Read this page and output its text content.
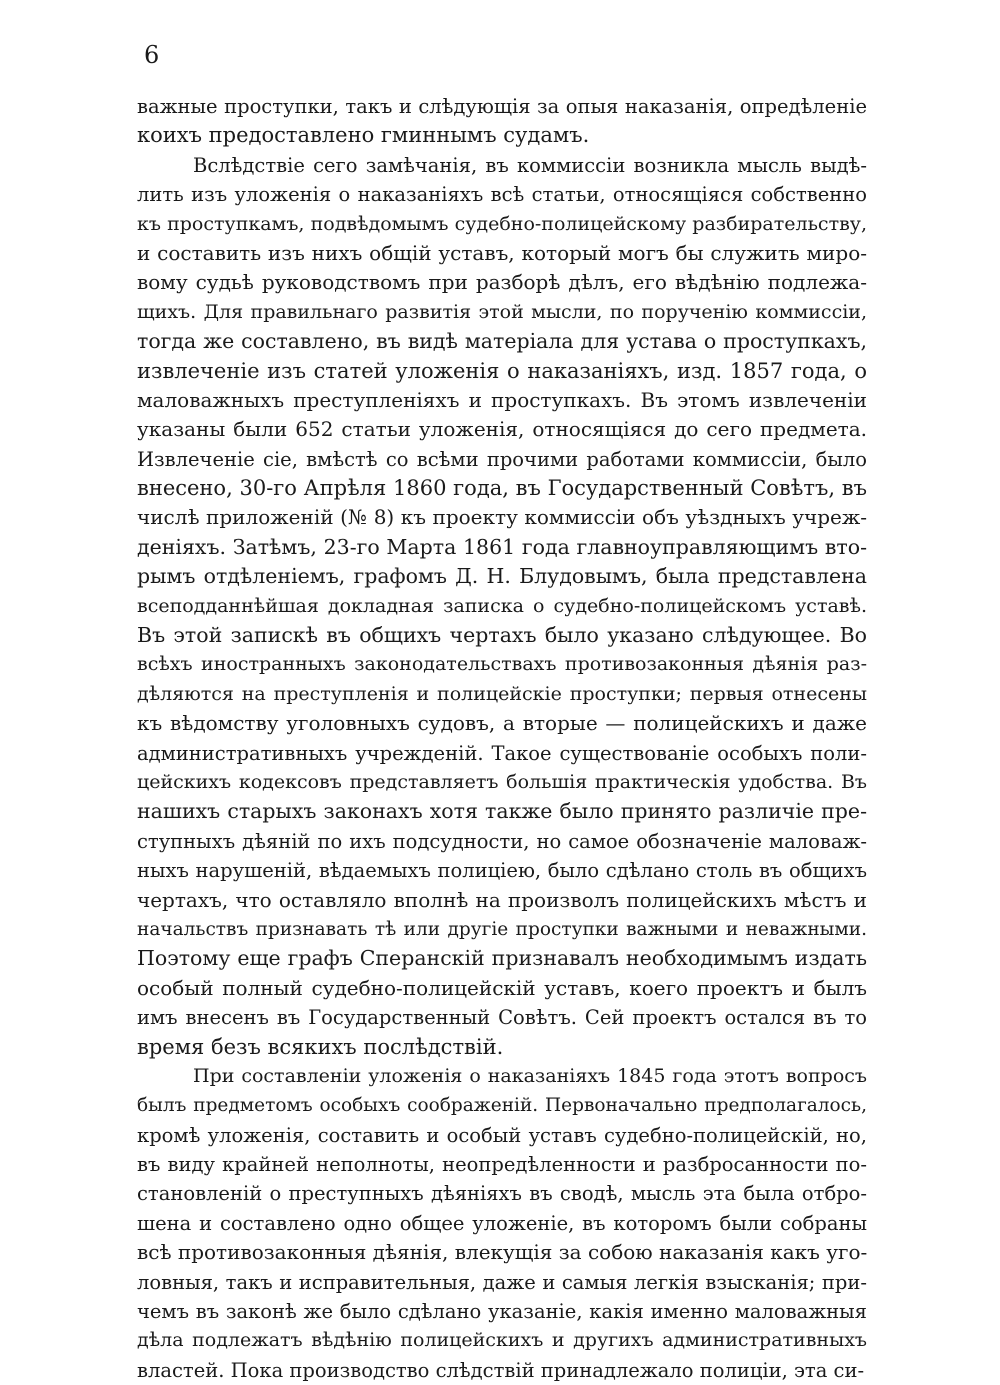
6
важные проступки, такъ и слѣдующія за опыя наказанія, опредѣленіе
коихъ предоставлено гминнымъ судамъ.
Вслѣдствіе сего замѣчанія, въ коммиссіи возникла мысль выдѣ-
лить изъ уложенія о наказаніяхъ всѣ статьи, относящіяся собственно
къ проступкамъ, подвѣдомымъ судебно-полицейскому разбирательству,
и составить изъ нихъ общій уставъ, который могъ бы служить миро-
вому судьѣ руководствомъ при разборѣ дѣлъ, его вѣдѣнію подлежа-
щихъ. Для правильнаго развитія этой мысли, по порученію коммиссіи,
тогда же составлено, въ видѣ матеріала для устава о проступкахъ,
извлеченіе изъ статей уложенія о наказаніяхъ, изд. 1857 года, о
маловажныхъ преступленіяхъ и проступкахъ. Въ этомъ извлеченіи
указаны были 652 статьи уложенія, относящіяся до сего предмета.
Извлеченіе сіе, вмѣстѣ со всѣми прочими работами коммиссіи, было
внесено, 30-го Апрѣля 1860 года, въ Государственный Совѣтъ, въ
числѣ приложеній (№ 8) къ проекту коммиссіи объ уѣздныхъ учреж-
деніяхъ. Затѣмъ, 23-го Марта 1861 года главноуправляющимъ вто-
рымъ отдѣленіемъ, графомъ Д. Н. Блудовымъ, была представлена
всеподданнѣйшая докладная записка о судебно-полицейскомъ уставѣ.
Въ этой запискѣ въ общихъ чертахъ было указано слѣдующее. Во
всѣхъ иностранныхъ законодательствахъ противозаконныя дѣянія раз-
дѣляются на преступленія и полицейскіе проступки; первыя отнесены
къ вѣдомству уголовныхъ судовъ, а вторые — полицейскихъ и даже
административныхъ учрежденій. Такое существованіе особыхъ поли-
цейскихъ кодексовъ представляетъ большія практическія удобства. Въ
нашихъ старыхъ законахъ хотя также было принято различіе пре-
ступныхъ дѣяній по ихъ подсудности, но самое обозначеніе маловаж-
ныхъ нарушеній, вѣдаемыхъ полиціею, было сдѣлано столь въ общихъ
чертахъ, что оставляло вполнѣ на произволъ полицейскихъ мѣстъ и
начальствъ признавать тѣ или другіе проступки важными и неважными.
Поэтому еще графъ Сперанскій признавалъ необходимымъ издать
особый полный судебно-полицейскій уставъ, коего проектъ и былъ
имъ внесенъ въ Государственный Совѣтъ. Сей проектъ остался въ то
время безъ всякихъ послѣдствій.
При составленіи уложенія о наказаніяхъ 1845 года этотъ вопросъ
былъ предметомъ особыхъ соображеній. Первоначально предполагалось,
кромѣ уложенія, составить и особый уставъ судебно-полицейскій, но,
въ виду крайней неполноты, неопредѣленности и разбросанности по-
становленій о преступныхъ дѣяніяхъ въ сводѣ, мысль эта была отбро-
шена и составлено одно общее уложеніе, въ которомъ были собраны
всѣ противозаконныя дѣянія, влекущія за собою наказанія какъ уго-
ловныя, такъ и исправительныя, даже и самыя легкія взысканія; при-
чемъ въ законѣ же было сдѣлано указаніе, какія именно маловажныя
дѣла подлежатъ вѣдѣнію полицейскихъ и другихъ административныхъ
властей. Пока производство слѣдствій принадлежало полиціи, эта си-
